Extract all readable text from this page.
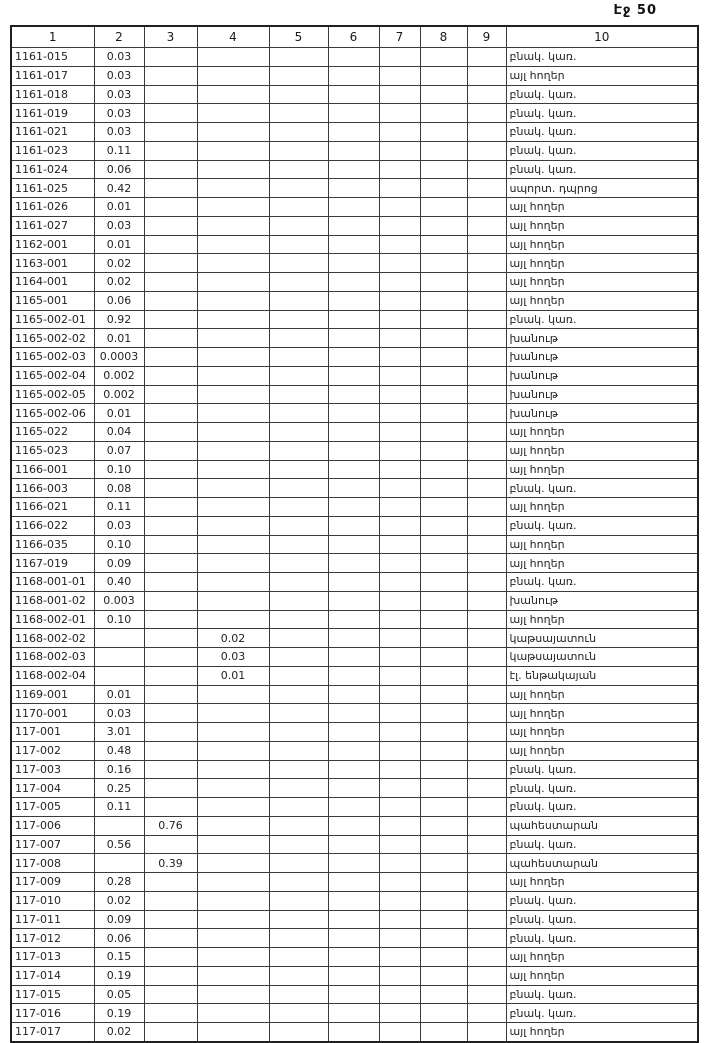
Էջ 50
1	2	3	4	5	6	7	8	9	10
1161-015	0.03								բնակ. կառ.
1161-017	0.03								այլ հողեր
1161-018	0.03								բնակ. կառ.
1161-019	0.03								բնակ. կառ.
1161-021	0.03								բնակ. կառ.
1161-023	0.11								բնակ. կառ.
1161-024	0.06								բնակ. կառ.
1161-025	0.42								սպորտ. դպրոց
1161-026	0.01								այլ հողեր
1161-027	0.03								այլ հողեր
1162-001	0.01								այլ հողեր
1163-001	0.02								այլ հողեր
1164-001	0.02								այլ հողեր
1165-001	0.06								այլ հողեր
1165-002-01	0.92								բնակ. կառ.
1165-002-02	0.01								խանութ
1165-002-03	0.0003								խանութ
1165-002-04	0.002								խանութ
1165-002-05	0.002								խանութ
1165-002-06	0.01								խանութ
1165-022	0.04								այլ հողեր
1165-023	0.07								այլ հողեր
1166-001	0.10								այլ հողեր
1166-003	0.08								բնակ. կառ.
1166-021	0.11								այլ հողեր
1166-022	0.03								բնակ. կառ.
1166-035	0.10								այլ հողեր
1167-019	0.09								այլ հողեր
1168-001-01	0.40								բնակ. կառ.
1168-001-02	0.003								խանութ
1168-002-01	0.10								այլ հողեր
1168-002-02			0.02						կաթսայատուն
1168-002-03			0.03						կաթսայատուն
1168-002-04			0.01						էլ. ենթակայան
1169-001	0.01								այլ հողեր
1170-001	0.03								այլ հողեր
117-001	3.01								այլ հողեր
117-002	0.48								այլ հողեր
117-003	0.16								բնակ. կառ.
117-004	0.25								բնակ. կառ.
117-005	0.11								բնակ. կառ.
117-006		0.76							պահեստարան
117-007	0.56								բնակ. կառ.
117-008		0.39							պահեստարան
117-009	0.28								այլ հողեր
117-010	0.02								բնակ. կառ.
117-011	0.09								բնակ. կառ.
117-012	0.06								բնակ. կառ.
117-013	0.15								այլ հողեր
117-014	0.19								այլ հողեր
117-015	0.05								բնակ. կառ.
117-016	0.19								բնակ. կառ.
117-017	0.02								այլ հողեր
